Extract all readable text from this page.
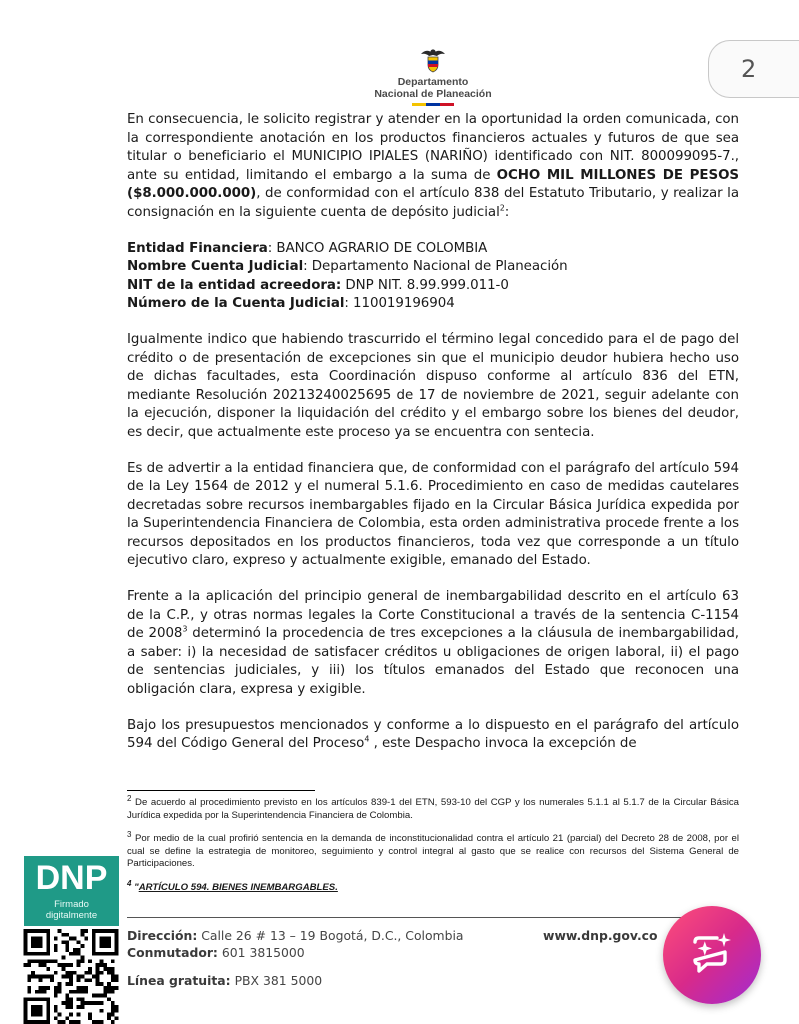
Departamento
Nacional de Planeación
2

En consecuencia, le solicito registrar y atender en la oportunidad la orden comunicada, con la correspondiente anotación en los productos financieros actuales y futuros de que sea titular o beneficiario el MUNICIPIO IPIALES (NARIÑO) identificado con NIT. 800099095-7., ante su entidad, limitando el embargo a la suma de OCHO MIL MILLONES DE PESOS ($8.000.000.000), de conformidad con el artículo 838 del Estatuto Tributario, y realizar la consignación en la siguiente cuenta de depósito judicial$^2$:

Entidad Financiera: BANCO AGRARIO DE COLOMBIA

Nombre Cuenta Judicial: Departamento Nacional de Planeación

NIT de la entidad acreedora: DNP NIT. 8.99.999.011-0

Número de la Cuenta Judicial: 110019196904

Igualmente indico que habiendo trascurrido el término legal concedido para el de pago del crédito o de presentación de excepciones sin que el municipio deudor hubiera hecho uso de dichas facultades, esta Coordinación dispuso conforme al artículo 836 del ETN, mediante Resolución 20213240025695 de 17 de noviembre de 2021, seguir adelante con la ejecución, disponer la liquidación del crédito y el embargo sobre los bienes del deudor, es decir, que actualmente este proceso ya se encuentra con sentecia.

Es de advertir a la entidad financiera que, de conformidad con el parágrafo del artículo 594 de la Ley 1564 de 2012 y el numeral 5.1.6. Procedimiento en caso de medidas cautelares decretadas sobre recursos inembargables fijado en la Circular Básica Jurídica expedida por la Superintendencia Financiera de Colombia, esta orden administrativa procede frente a los recursos depositados en los productos financieros, toda vez que corresponde a un título ejecutivo claro, expreso y actualmente exigible, emanado del Estado.

Frente a la aplicación del principio general de inembargabilidad descrito en el artículo 63 de la C.P., y otras normas legales la Corte Constitucional a través de la sentencia C-1154 de 2008$^3$ determinó la procedencia de tres excepciones a la cláusula de inembargabilidad, a saber: i) la necesidad de satisfacer créditos u obligaciones de origen laboral, ii) el pago de sentencias judiciales, y iii) los títulos emanados del Estado que reconocen una obligación clara, expresa y exigible.

Bajo los presupuestos mencionados y conforme a lo dispuesto en el parágrafo del artículo 594 del Código General del Proceso$^4$ , este Despacho invoca la excepción de

$^2$ De acuerdo al procedimiento previsto en los artículos 839-1 del ETN, 593-10 del CGP y los numerales 5.1.1 al 5.1.7 de la Circular Básica Jurídica expedida por la Superintendencia Financiera de Colombia.

$^3$ Por medio de la cual profirió sentencia en la demanda de inconstitucionalidad contra el artículo 21 (parcial) del Decreto 28 de 2008, por el cual se define la estrategia de monitoreo, seguimiento y control integral al gasto que se realice con recursos del Sistema General de Participaciones.

$^4$ "ARTÍCULO 594. BIENES INEMBARGABLES.

Dirección: Calle 26 # 13 – 19 Bogotá, D.C., Colombia	www.dnp.gov.co
Conmutador: 601 3815000
Línea gratuita: PBX 381 5000
DNP
Firmado
digitalmente
